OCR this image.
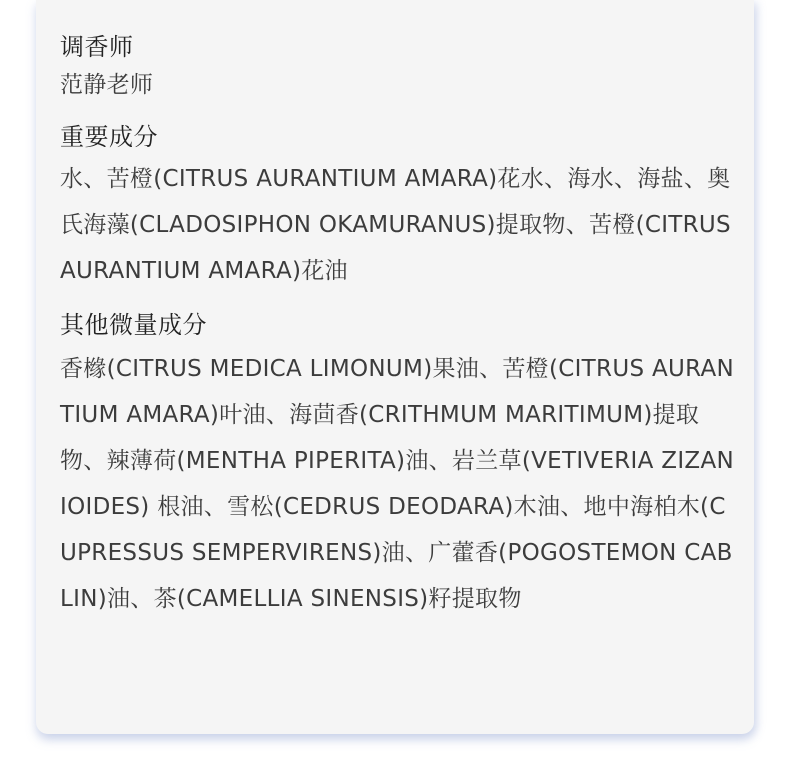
调香师

范静老师

重要成分

水、苦橙(CITRUS AURANTIUM AMARA)花水、海水、海盐、奥氏海藻(CLADOSIPHON OKAMURANUS)提取物、苦橙(CITRUS AURANTIUM AMARA)花油

其他微量成分

香橼(CITRUS MEDICA LIMONUM)果油、苦橙(CITRUS AURANTIUM AMARA)叶油、海茴香(CRITHMUM MARITIMUM)提取物、辣薄荷(MENTHA PIPERITA)油、岩兰草(VETIVERIA ZIZANIOIDES) 根油、雪松(CEDRUS DEODARA)木油、地中海柏木(CUPRESSUS SEMPERVIRENS)油、广藿香(POGOSTEMON CABLIN)油、茶(CAMELLIA SINENSIS)籽提取物
